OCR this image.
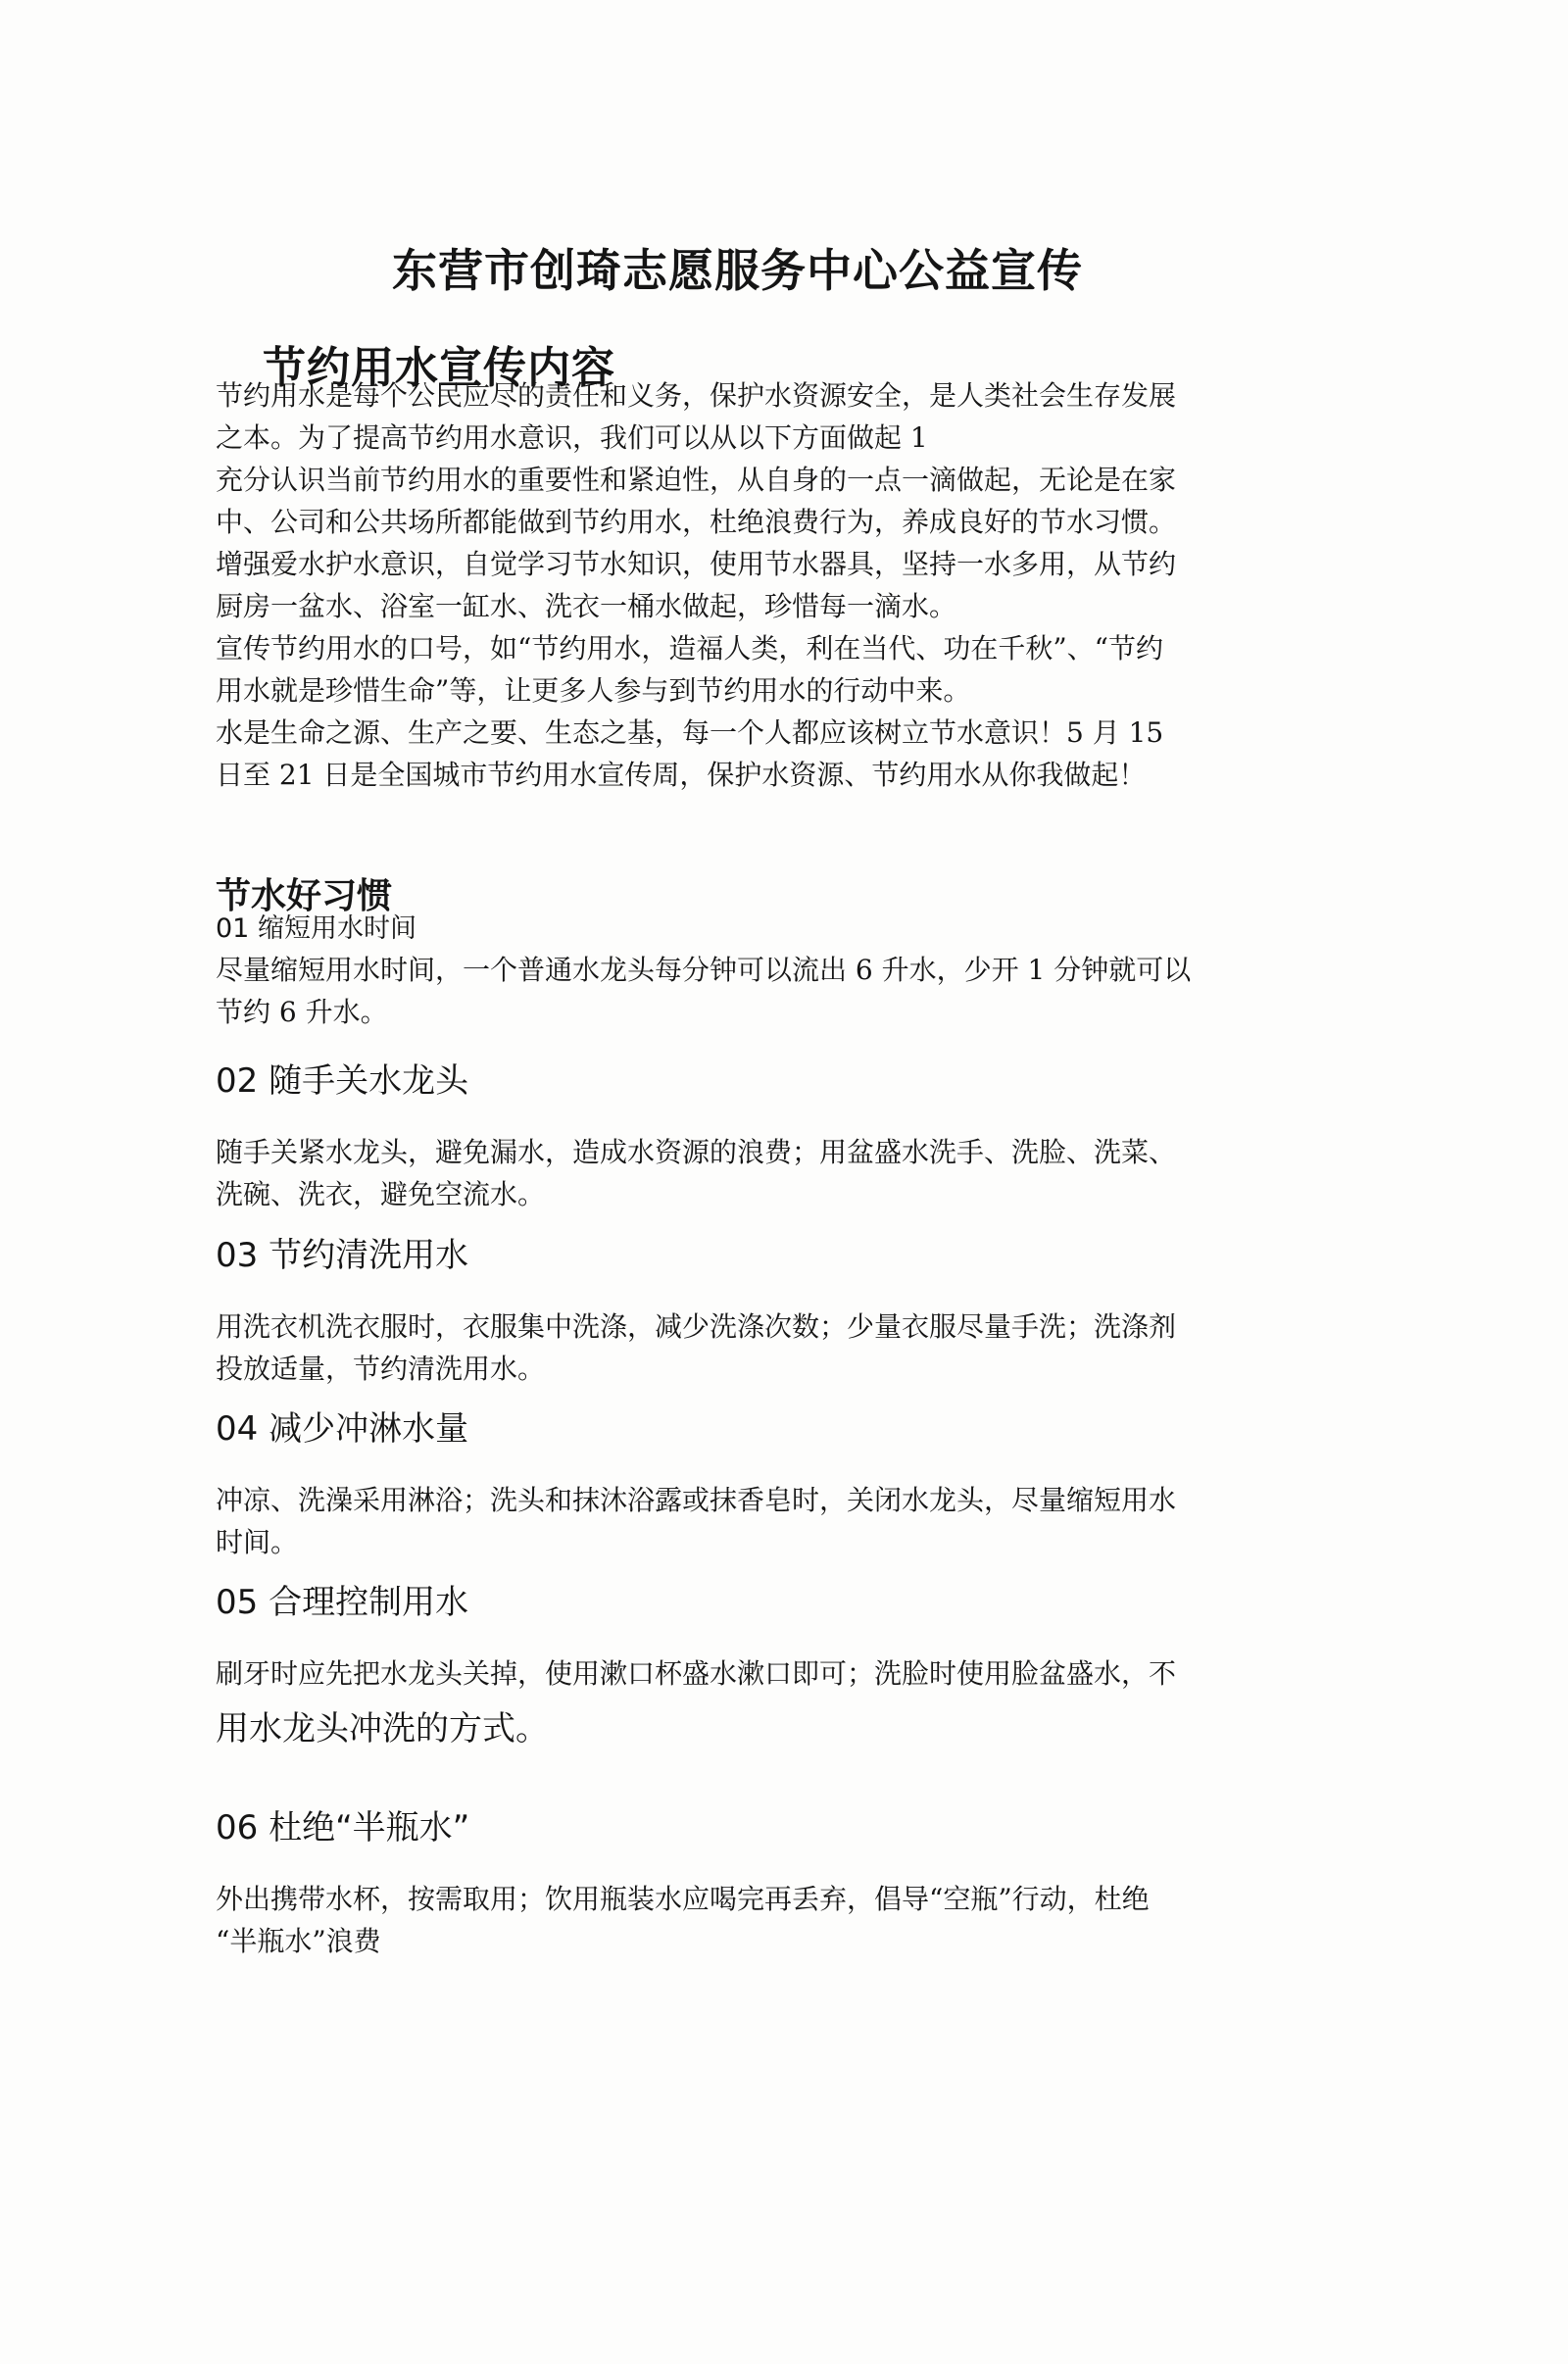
东营市创琦志愿服务中心公益宣传
节约用水宣传内容
节约用水是每个公民应尽的责任和义务，保护水资源安全，是人类社会生存发展
之本。为了提高节约用水意识，我们可以从以下方面做起 1
充分认识当前节约用水的重要性和紧迫性，从自身的一点一滴做起，无论是在家
中、公司和公共场所都能做到节约用水，杜绝浪费行为，养成良好的节水习惯。
增强爱水护水意识，自觉学习节水知识，使用节水器具，坚持一水多用，从节约
厨房一盆水、浴室一缸水、洗衣一桶水做起，珍惜每一滴水。
宣传节约用水的口号，如“节约用水，造福人类，利在当代、功在千秋”、“节约
用水就是珍惜生命”等，让更多人参与到节约用水的行动中来。
水是生命之源、生产之要、生态之基，每一个人都应该树立节水意识！5 月 15
日至 21 日是全国城市节约用水宣传周，保护水资源、节约用水从你我做起！
节水好习惯
01 缩短用水时间
尽量缩短用水时间，一个普通水龙头每分钟可以流出 6 升水，少开 1 分钟就可以
节约 6 升水。
02 随手关水龙头
随手关紧水龙头，避免漏水，造成水资源的浪费；用盆盛水洗手、洗脸、洗菜、
洗碗、洗衣，避免空流水。
03 节约清洗用水
用洗衣机洗衣服时，衣服集中洗涤，减少洗涤次数；少量衣服尽量手洗；洗涤剂
投放适量，节约清洗用水。
04 减少冲淋水量
冲凉、洗澡采用淋浴；洗头和抹沐浴露或抹香皂时，关闭水龙头，尽量缩短用水
时间。
05 合理控制用水
刷牙时应先把水龙头关掉，使用漱口杯盛水漱口即可；洗脸时使用脸盆盛水，不
用水龙头冲洗的方式。
06 杜绝“半瓶水”
外出携带水杯，按需取用；饮用瓶装水应喝完再丢弃，倡导“空瓶”行动，杜绝
“半瓶水”浪费
